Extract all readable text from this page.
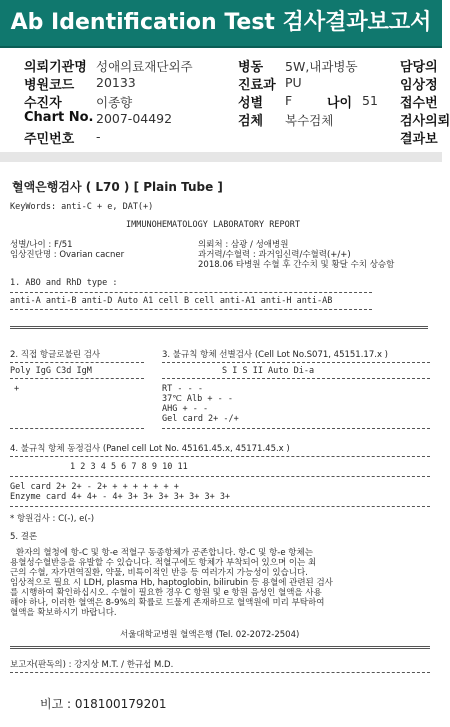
Ab Identification Test 검사결과보고서
의뢰기관명 성애의료재단외주	병동 5W,내과병동	담당의
병원코드 20133	진료과 PU	임상정
수진자	이종향	성별 F	나이 51 접수번
Chart No. 2007-04492	검체 복수검체	검사의뢰
주민번호 -	결과보
혈액은행검사 ( L70 ) [ Plain Tube ]
KeyWords: anti-C + e, DAT(+)
IMMUNOHEMATOLOGY LABORATORY REPORT
성별/나이 : F/51
임상진단명 : Ovarian cacner
의뢰처 : 삼광 / 성애병원
과거력/수혈력 : 과거임신력/수혈력(+/+)
2018.06 타병원 수혈 후 간수치 및 황달 수치 상승함
1. ABO and RhD type :
anti-A anti-B anti-D Auto A1 cell B cell anti-A1 anti-H anti-AB
2. 직접 항글로불린 검사	3. 불규칙 항체 선별검사 (Cell Lot No.S071, 45151.17.x )
Poly IgG C3d IgM	S I S II Auto Di-a
+	RT - - -
37℃ Alb + - -
AHG + - -
Gel card 2+ -/+
4. 불규칙 항체 동정검사 (Panel cell Lot No. 45161.45.x, 45171.45.x )
1 2 3 4 5 6 7 8 9 10 11
Gel card 2+ 2+ - 2+ + + + + + + +
Enzyme card 4+ 4+ - 4+ 3+ 3+ 3+ 3+ 3+ 3+ 3+
* 항원검사 : C(-), e(-)
5. 결론
환자의 혈청에 항-C 및 항-e 적혈구 동종항체가 공존합니다. 항-C 및 항-e 항체는
용혈성수혈반응을 유발할 수 있습니다. 적혈구에도 항체가 부착되어 있으며 이는 최
근의 수혈, 자가면역질환, 약물, 비특이적인 반응 등 여러가지 가능성이 있습니다.
임상적으로 필요 시 LDH, plasma Hb, haptoglobin, bilirubin 등 용혈에 관련된 검사
를 시행하여 확인하십시오. 수혈이 필요한 경우 C 항원 및 e 항원 음성인 혈액을 사용
해야 하나, 이러한 혈액은 8-9%의 확률로 드물게 존재하므로 혈액원에 미리 부탁하여
혈액을 확보하시기 바랍니다.
서울대학교병원 혈액은행 (Tel. 02-2072-2504)
보고자(판독의) : 강지상 M.T. / 한규섭 M.D.
비고 : 018100179201
